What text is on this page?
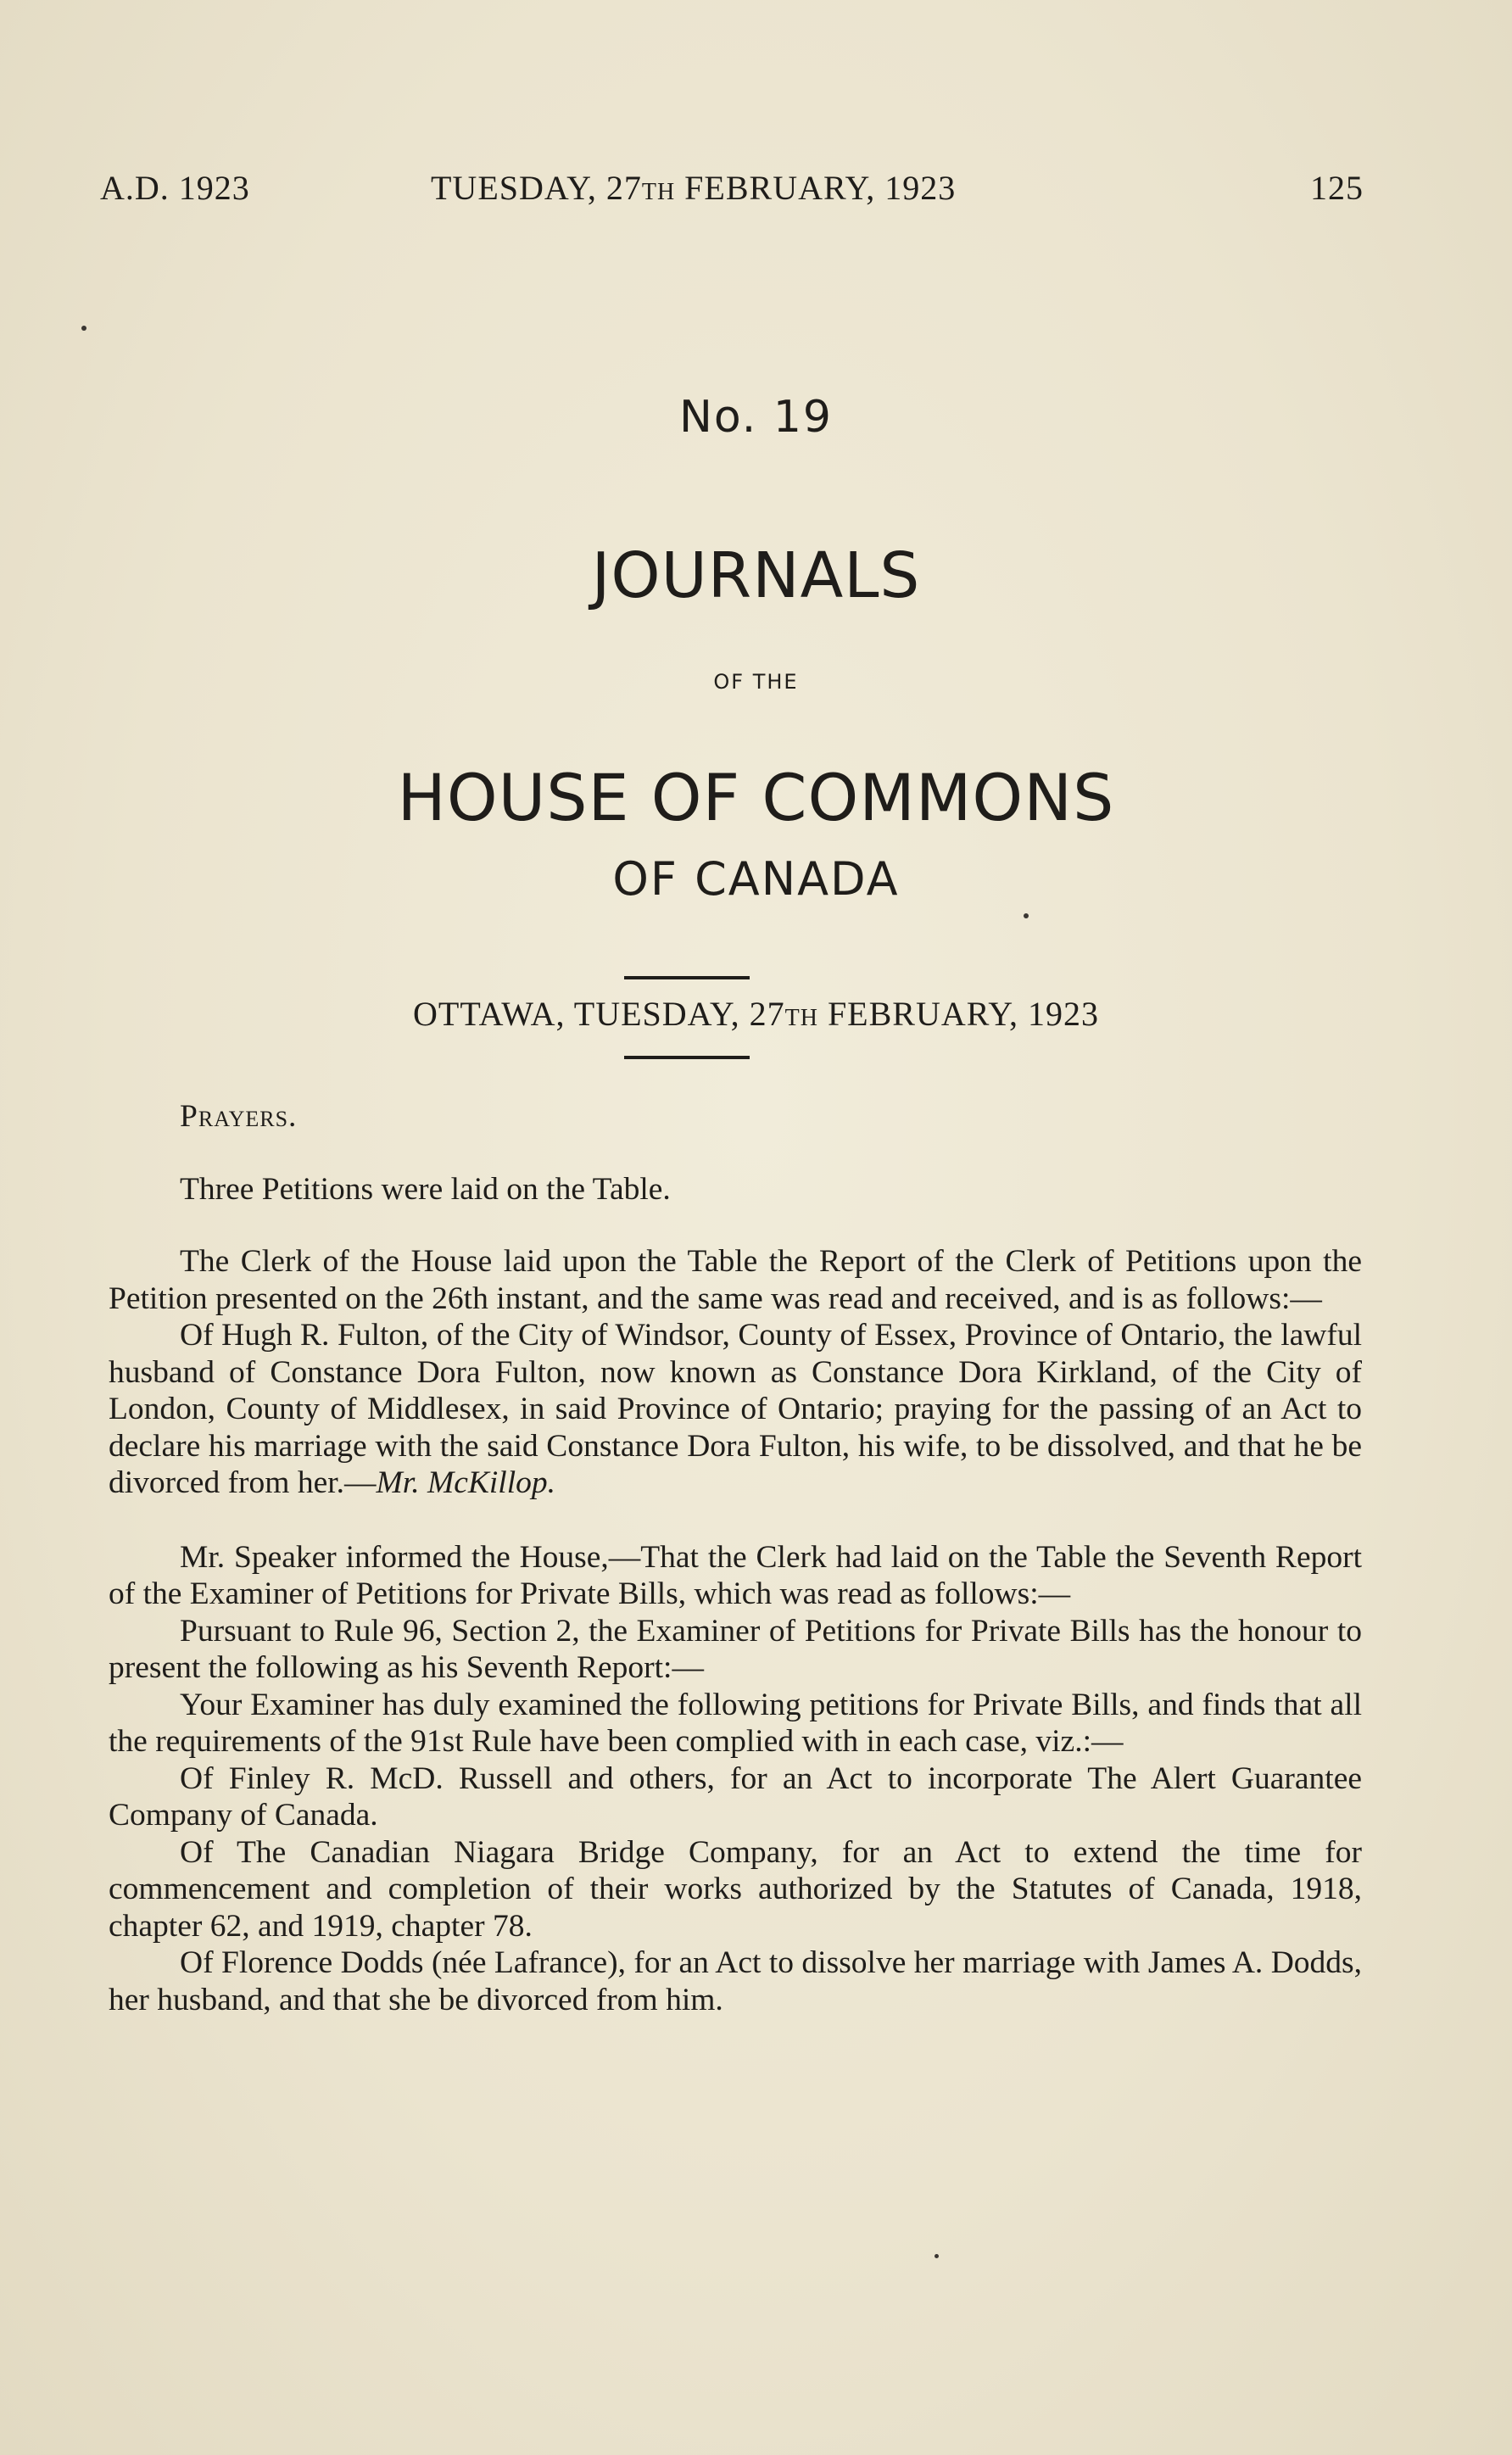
A.D. 1923	TUESDAY, 27TH FEBRUARY, 1923	125
No. 19
JOURNALS
OF THE
HOUSE OF COMMONS
OF CANADA
OTTAWA, TUESDAY, 27TH FEBRUARY, 1923

Prayers.

Three Petitions were laid on the Table.

The Clerk of the House laid upon the Table the Report of the Clerk of Petitions upon the Petition presented on the 26th instant, and the same was read and received, and is as follows:—

Of Hugh R. Fulton, of the City of Windsor, County of Essex, Province of Ontario, the lawful husband of Constance Dora Fulton, now known as Constance Dora Kirkland, of the City of London, County of Middlesex, in said Province of Ontario; praying for the passing of an Act to declare his marriage with the said Constance Dora Fulton, his wife, to be dissolved, and that he be divorced from her.—Mr. McKillop.

Mr. Speaker informed the House,—That the Clerk had laid on the Table the Seventh Report of the Examiner of Petitions for Private Bills, which was read as follows:—

Pursuant to Rule 96, Section 2, the Examiner of Petitions for Private Bills has the honour to present the following as his Seventh Report:—

Your Examiner has duly examined the following petitions for Private Bills, and finds that all the requirements of the 91st Rule have been complied with in each case, viz.:—

Of Finley R. McD. Russell and others, for an Act to incorporate The Alert Guarantee Company of Canada.

Of The Canadian Niagara Bridge Company, for an Act to extend the time for commencement and completion of their works authorized by the Statutes of Canada, 1918, chapter 62, and 1919, chapter 78.

Of Florence Dodds (née Lafrance), for an Act to dissolve her marriage with James A. Dodds, her husband, and that she be divorced from him.
